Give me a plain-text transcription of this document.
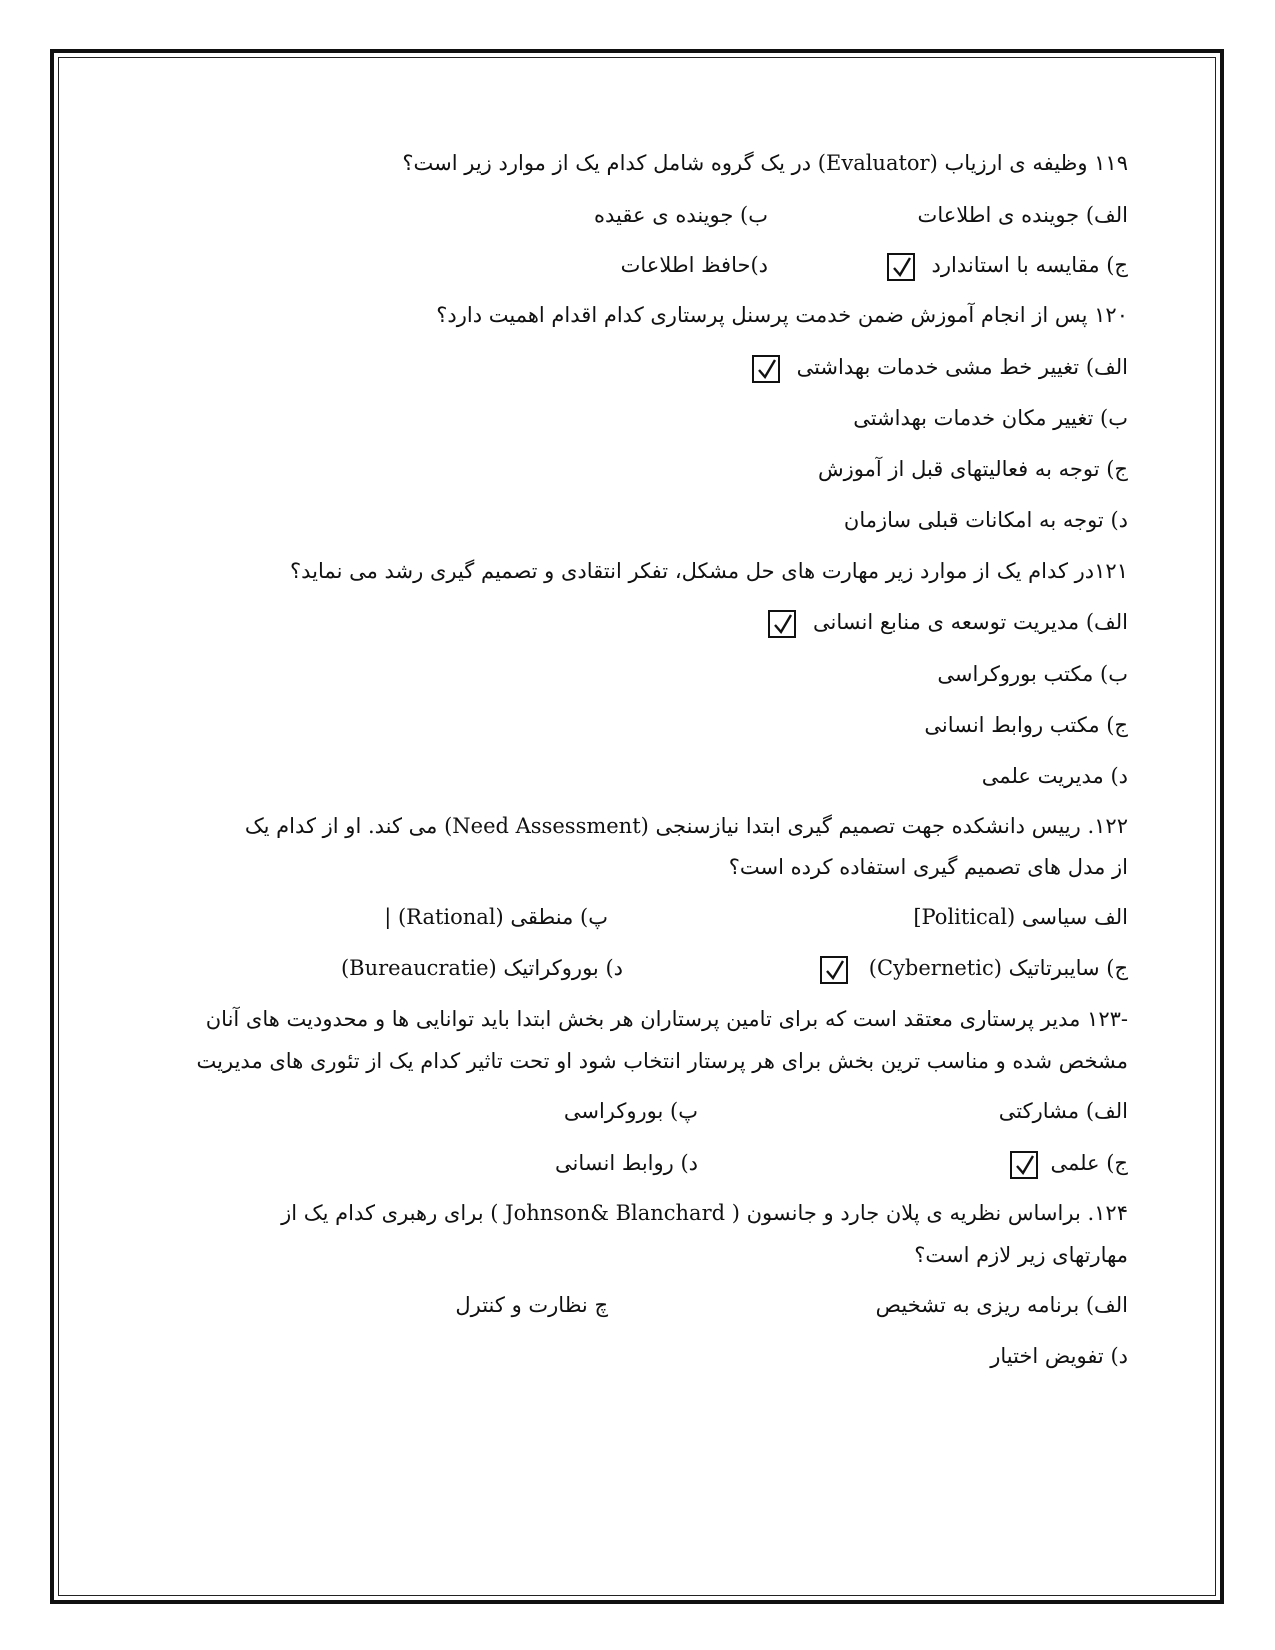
۱۱۹ وظیفه ی ارزیاب (Evaluator) در یک گروه شامل کدام یک از موارد زیر است؟
الف) جوینده ی اطلاعات
ب) جوینده ی عقیده
ج) مقایسه با استاندارد
د)حافظ اطلاعات
۱۲۰ پس از انجام آموزش ضمن خدمت پرسنل پرستاری کدام اقدام اهمیت دارد؟
الف) تغییر خط مشی خدمات بهداشتی
ب) تغییر مکان خدمات بهداشتی
ج) توجه به فعالیتهای قبل از آموزش
د) توجه به امکانات قبلی سازمان
۱۲۱در کدام یک از موارد زیر مهارت های حل مشکل، تفکر انتقادی و تصمیم گیری رشد می نماید؟
الف) مدیریت توسعه ی منابع انسانی
ب) مکتب بوروکراسی
ج) مکتب روابط انسانی
د) مدیریت علمی
۱۲۲. رییس دانشکده جهت تصمیم گیری ابتدا نیازسنجی (Need Assessment) می کند. او از کدام یک
از مدل های تصمیم گیری استفاده کرده است؟
الف سیاسی (Political]
پ) منطقی (Rational) |
ج) سایبرتاتیک (Cybernetic)
د) بوروکراتیک (Bureaucratie)
-۱۲۳ مدیر پرستاری معتقد است که برای تامین پرستاران هر بخش ابتدا باید توانایی ها و محدودیت های آنان
مشخص شده و مناسب ترین بخش برای هر پرستار انتخاب شود او تحت تاثیر کدام یک از تئوری های مدیریت
الف) مشارکتی
پ) بوروکراسی
ج) علمی
د) روابط انسانی
۱۲۴. براساس نظریه ی پلان جارد و جانسون ( Johnson& Blanchard ) برای رهبری کدام یک از
مهارتهای زیر لازم است؟
الف) برنامه ریزی به تشخیص
چ نظارت و کنترل
د) تفویض اختیار
